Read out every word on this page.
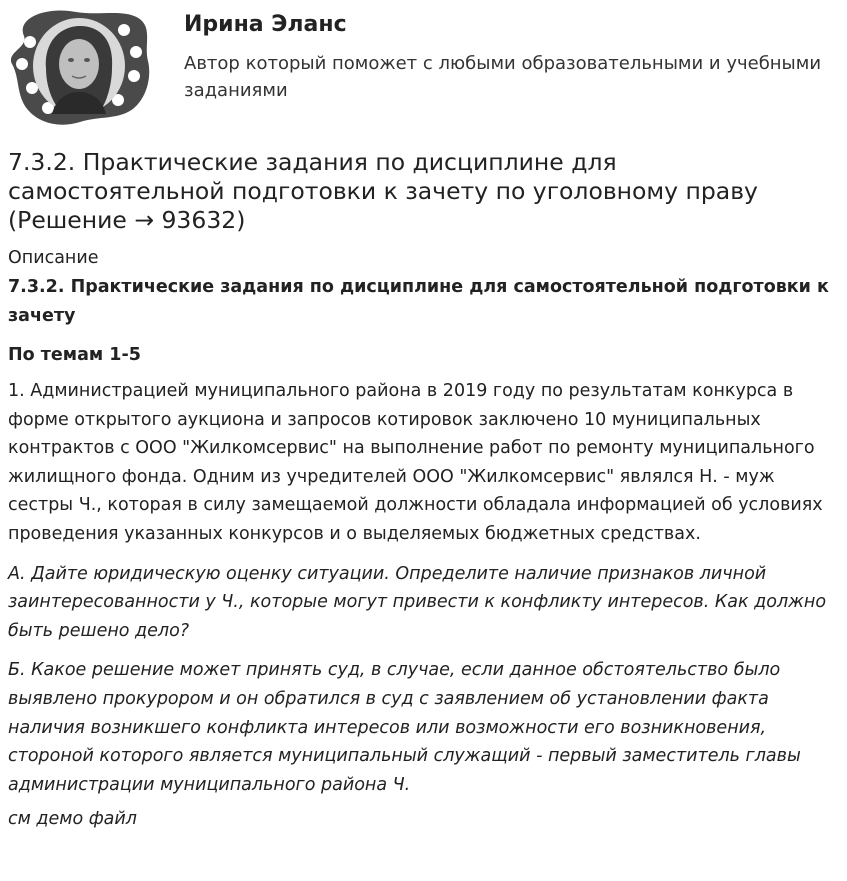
Ирина Эланс
Автор который поможет с любыми образовательными и учебными заданиями
7.3.2. Практические задания по дисциплине для самостоятельной подготовки к зачету по уголовному праву (Решение → 93632)
Описание
7.3.2. Практические задания по дисциплине для самостоятельной подготовки к зачету
По темам 1-5
1. Администрацией муниципального района в 2019 году по результатам конкурса в форме открытого аукциона и запросов котировок заключено 10 муниципальных контрактов с ООО "Жилкомсервис" на выполнение работ по ремонту муниципального жилищного фонда. Одним из учредителей ООО "Жилкомсервис" являлся Н. - муж сестры Ч., которая в силу замещаемой должности обладала информацией об условиях проведения указанных конкурсов и о выделяемых бюджетных средствах.
А. Дайте юридическую оценку ситуации. Определите наличие признаков личной заинтересованности у Ч., которые могут привести к конфликту интересов. Как должно быть решено дело?
Б. Какое решение может принять суд, в случае, если данное обстоятельство было выявлено прокурором и он обратился в суд с заявлением об установлении факта наличия возникшего конфликта интересов или возможности его возникновения, стороной которого является муниципальный служащий - первый заместитель главы администрации муниципального района Ч.
см демо файл
